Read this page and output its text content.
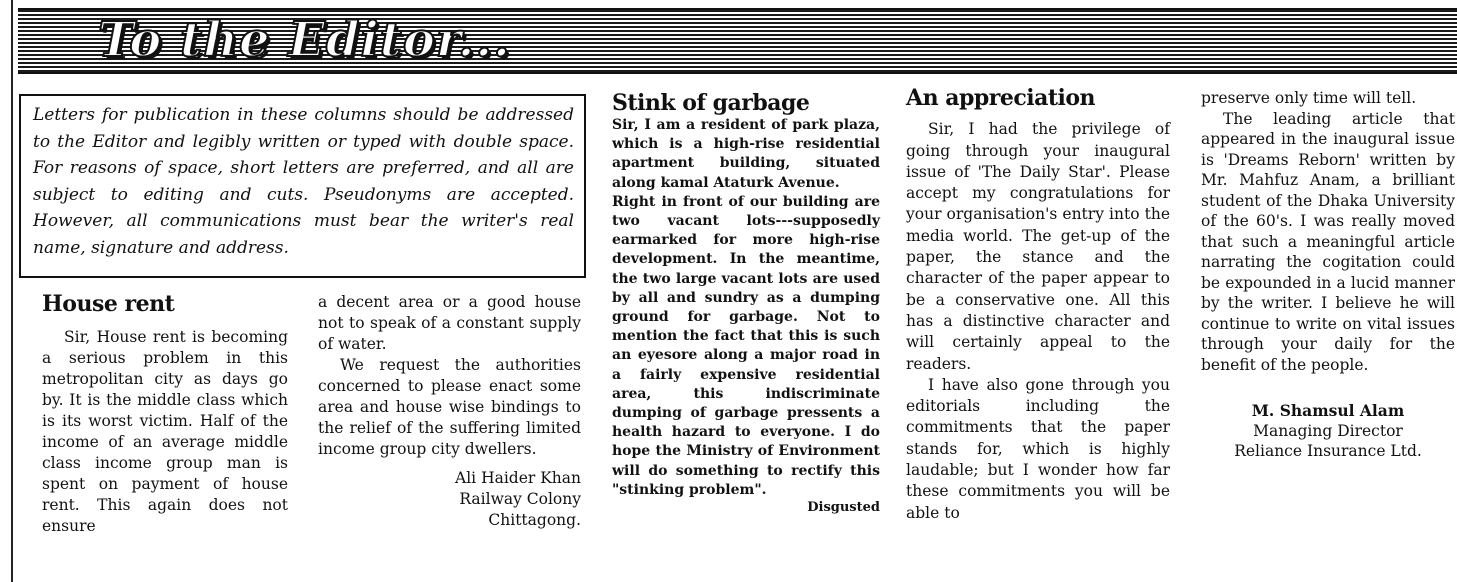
To the Editor...
Letters for publication in these columns should be addressed to the Editor and legibly written or typed with double space. For reasons of space, short letters are preferred, and all are subject to editing and cuts. Pseudonyms are accepted. However, all communications must bear the writer's real name, signature and address.

House rent

Sir, House rent is becoming a serious problem in this metropolitan city as days go by. It is the middle class which is its worst victim. Half of the income of an average middle class income group man is spent on payment of house rent. This again does not ensure

a decent area or a good house not to speak of a constant supply of water.

We request the authorities concerned to please enact some area and house wise bindings to the relief of the suffering limited income group city dwellers.

Ali Haider Khan

Railway Colony

Chittagong.

Stink of garbage

Sir, I am a resident of park plaza, which is a high-rise residential apartment building, situated along kamal Ataturk Avenue.

Right in front of our building are two vacant lots---supposedly earmarked for more high-rise development. In the meantime, the two large vacant lots are used by all and sundry as a dumping ground for garbage. Not to mention the fact that this is such an eyesore along a major road in a fairly expensive residential area, this indiscriminate dumping of garbage pressents a health hazard to everyone. I do hope the Ministry of Environment will do something to rectify this "stinking problem".

Disgusted

An appreciation

Sir, I had the privilege of going through your inaugural issue of 'The Daily Star'. Please accept my congratulations for your organisation's entry into the media world. The get-up of the paper, the stance and the character of the paper appear to be a conservative one. All this has a distinctive character and will certainly appeal to the readers.

I have also gone through you editorials including the commitments that the paper stands for, which is highly laudable; but I wonder how far these commitments you will be able to

preserve only time will tell.

The leading article that appeared in the inaugural issue is 'Dreams Reborn' written by Mr. Mahfuz Anam, a brilliant student of the Dhaka University of the 60's. I was really moved that such a meaningful article narrating the cogitation could be expounded in a lucid manner by the writer. I believe he will continue to write on vital issues through your daily for the benefit of the people.

M. Shamsul Alam

Managing Director

Reliance Insurance Ltd.
